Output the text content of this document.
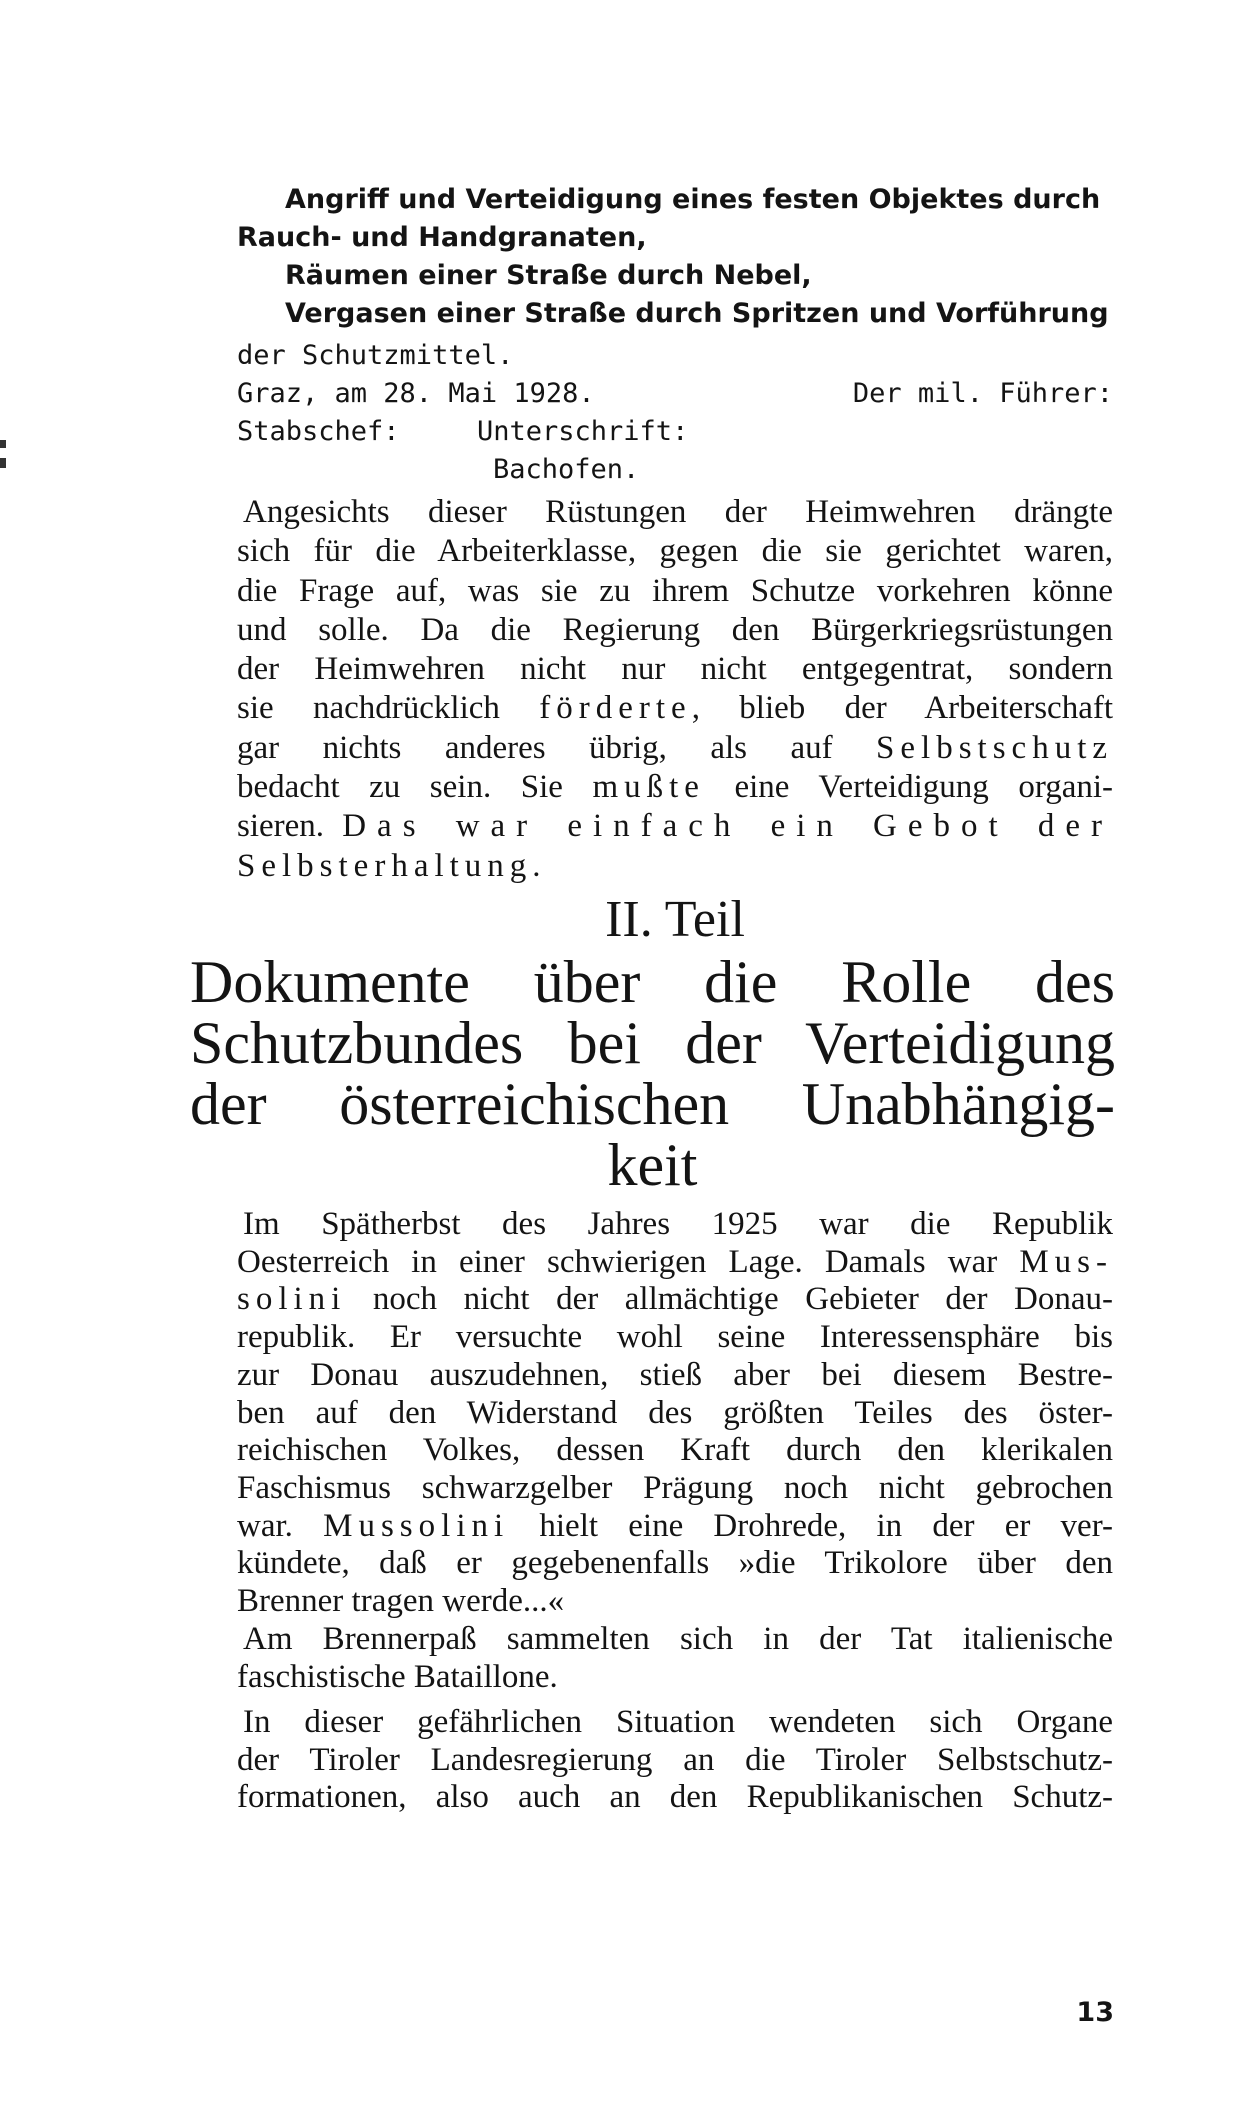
Angriff und Verteidigung eines festen Objektes durch
Rauch- und Handgranaten,
Räumen einer Straße durch Nebel,
Vergasen einer Straße durch Spritzen und Vorführung
der Schutzmittel.
Graz, am 28. Mai 1928.	Der mil. Führer:
Stabschef:	Unterschrift:
Bachofen.
Angesichts dieser Rüstungen der Heimwehren drängte
sich für die Arbeiterklasse, gegen die sie gerichtet waren,
die Frage auf, was sie zu ihrem Schutze vorkehren könne
und solle. Da die Regierung den Bürgerkriegsrüstungen
der Heimwehren nicht nur nicht entgegentrat, sondern
sie nachdrücklich förderte, blieb der Arbeiterschaft
gar nichts anderes übrig, als auf Selbstschutz
bedacht zu sein. Sie mußte eine Verteidigung organi-
sieren. Das war einfach ein Gebot der
Selbsterhaltung.
II. Teil
Dokumente über die Rolle des
Schutzbundes bei der Verteidigung
der österreichischen Unabhängig-
keit
Im Spätherbst des Jahres 1925 war die Republik
Oesterreich in einer schwierigen Lage. Damals war Mus-
solini noch nicht der allmächtige Gebieter der Donau-
republik. Er versuchte wohl seine Interessensphäre bis
zur Donau auszudehnen, stieß aber bei diesem Bestre-
ben auf den Widerstand des größten Teiles des öster-
reichischen Volkes, dessen Kraft durch den klerikalen
Faschismus schwarzgelber Prägung noch nicht gebrochen
war. Mussolini hielt eine Drohrede, in der er ver-
kündete, daß er gegebenenfalls »die Trikolore über den
Brenner tragen werde...«
Am Brennerpaß sammelten sich in der Tat italienische
faschistische Bataillone.
In dieser gefährlichen Situation wendeten sich Organe
der Tiroler Landesregierung an die Tiroler Selbstschutz-
formationen, also auch an den Republikanischen Schutz-
13
